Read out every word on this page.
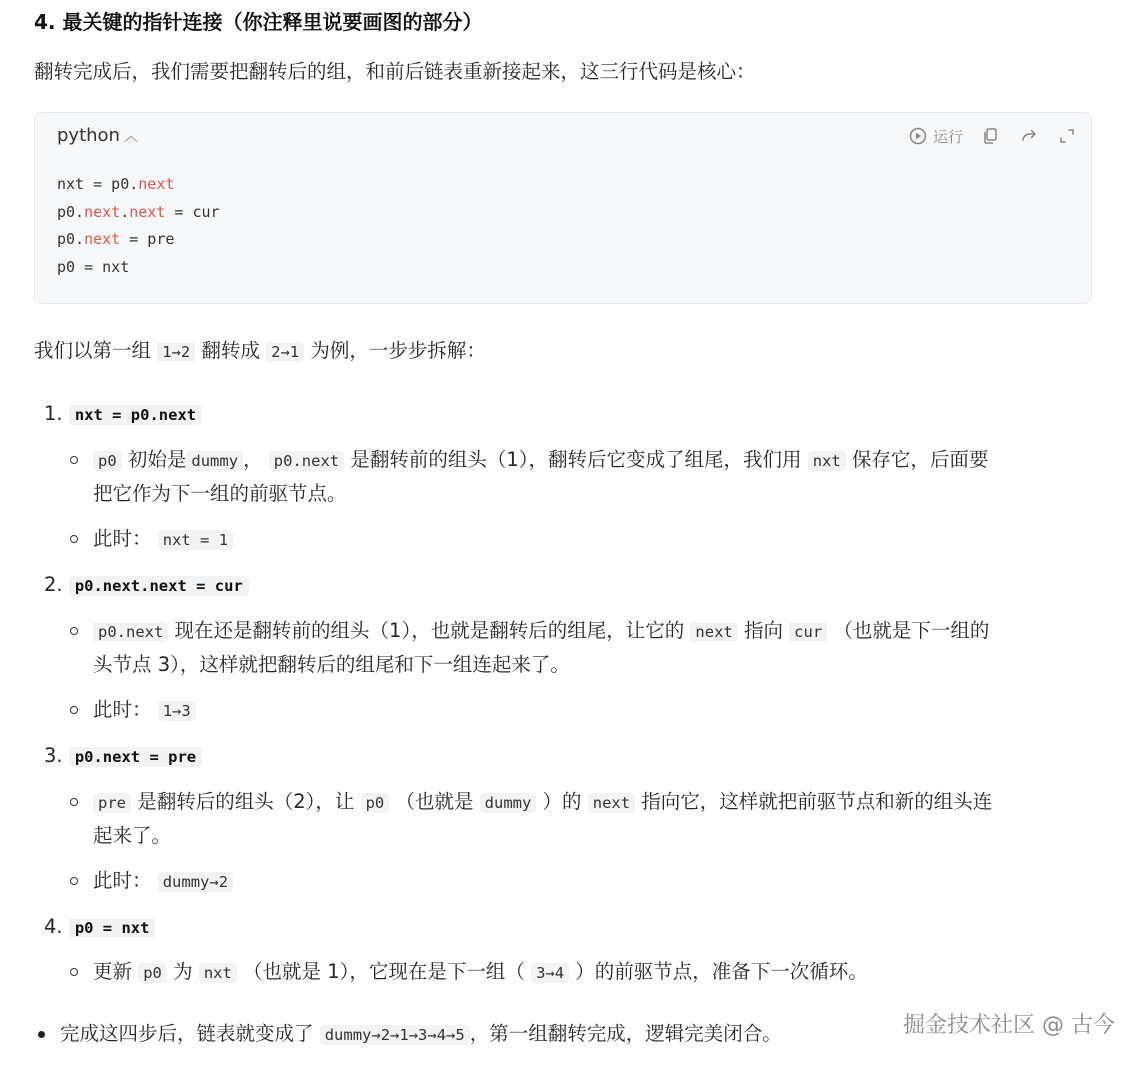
4. 最关键的指针连接（你注释里说要画图的部分）
翻转完成后，我们需要把翻转后的组，和前后链表重新接起来，这三行代码是核心：
python ︿	运行
nxt = p0.next
p0.next.next = cur
p0.next = pre
p0 = nxt
我们以第一组 1→2 翻转成 2→1 为例，一步步拆解：
1. nxt = p0.next
p0 初始是 dummy ， p0.next 是翻转前的组头（1），翻转后它变成了组尾，我们用 nxt 保存它，后面要
把它作为下一组的前驱节点。
此时： nxt = 1
2. p0.next.next = cur
p0.next 现在还是翻转前的组头（1），也就是翻转后的组尾，让它的 next 指向 cur （也就是下一组的
头节点 3），这样就把翻转后的组尾和下一组连起来了。
此时： 1→3
3. p0.next = pre
pre 是翻转后的组头（2），让 p0 （也就是 dummy ）的 next 指向它，这样就把前驱节点和新的组头连
起来了。
此时： dummy→2
4. p0 = nxt
更新 p0 为 nxt （也就是 1），它现在是下一组（ 3→4 ）的前驱节点，准备下一次循环。
完成这四步后，链表就变成了 dummy→2→1→3→4→5 ，第一组翻转完成，逻辑完美闭合。	掘金技术社区 @ 古今
